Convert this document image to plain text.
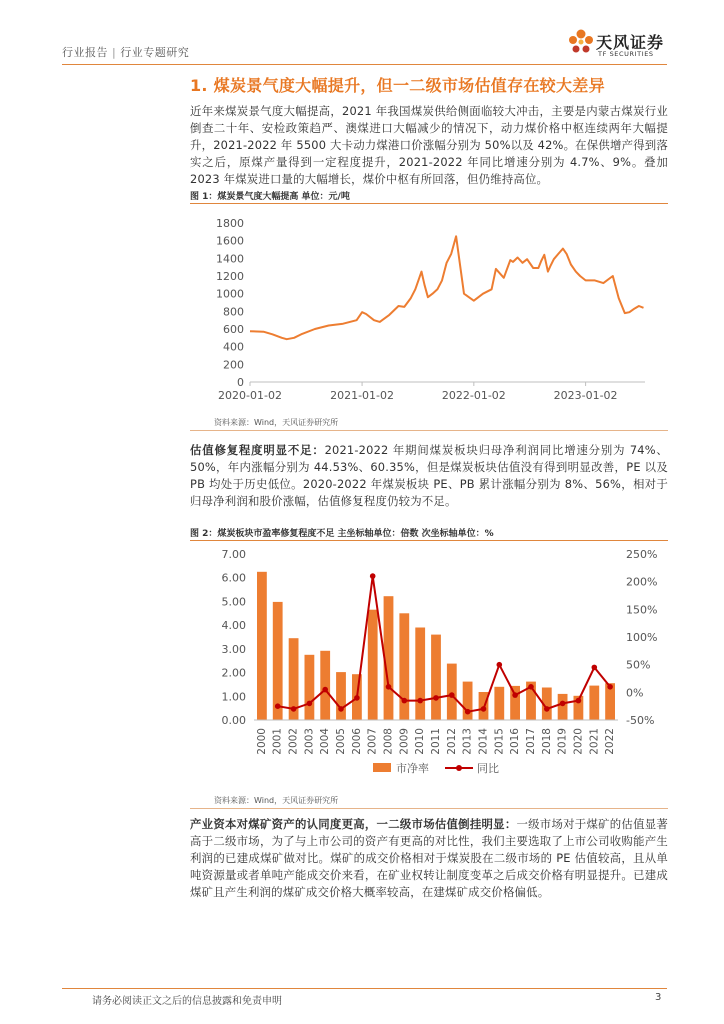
行业报告 | 行业专题研究
天风证券
TF SECURITIES
1. 煤炭景气度大幅提升，但一二级市场估值存在较大差异
近年来煤炭景气度大幅提高，2021 年我国煤炭供给侧面临较大冲击，主要是内蒙古煤炭行业倒查二十年、安检政策趋严、澳煤进口大幅减少的情况下，动力煤价格中枢连续两年大幅提升，2021-2022 年 5500 大卡动力煤港口价涨幅分别为 50%以及 42%。在保供增产得到落实之后，原煤产量得到一定程度提升，2021-2022 年同比增速分别为 4.7%、9%。叠加 2023 年煤炭进口量的大幅增长，煤价中枢有所回落，但仍维持高位。
图 1：煤炭景气度大幅提高 单位：元/吨
0
200
400
600
800
1000
1200
1400
1600
1800
2020-01-02	2021-01-02	2022-01-02	2023-01-02
资料来源：Wind，天风证券研究所
估值修复程度明显不足：2021-2022 年期间煤炭板块归母净利润同比增速分别为 74%、50%，年内涨幅分别为 44.53%、60.35%，但是煤炭板块估值没有得到明显改善，PE 以及 PB 均处于历史低位。2020-2022 年煤炭板块 PE、PB 累计涨幅分别为 8%、56%，相对于归母净利润和股价涨幅，估值修复程度仍较为不足。
图 2：煤炭板块市盈率修复程度不足 主坐标轴单位：倍数 次坐标轴单位：%
0.00
1.00
2.00
3.00
4.00
5.00
6.00
7.00
-50%
0%
50%
100%
150%
200%
250%
2000 2001 2002 2003 2004 2005 2006 2007 2008 2009 2010 2011 2012 2013 2014 2015 2016 2017 2018 2019 2020 2021 2022
市净率	同比
资料来源：Wind，天风证券研究所
产业资本对煤矿资产的认同度更高，一二级市场估值倒挂明显：一级市场对于煤矿的估值显著高于二级市场，为了与上市公司的资产有更高的对比性，我们主要选取了上市公司收购能产生利润的已建成煤矿做对比。煤矿的成交价格相对于煤炭股在二级市场的 PE 估值较高，且从单吨资源量或者单吨产能成交价来看，在矿业权转让制度变革之后成交价格有明显提升。已建成煤矿且产生利润的煤矿成交价格大概率较高，在建煤矿成交价格偏低。
请务必阅读正文之后的信息披露和免责申明	3
